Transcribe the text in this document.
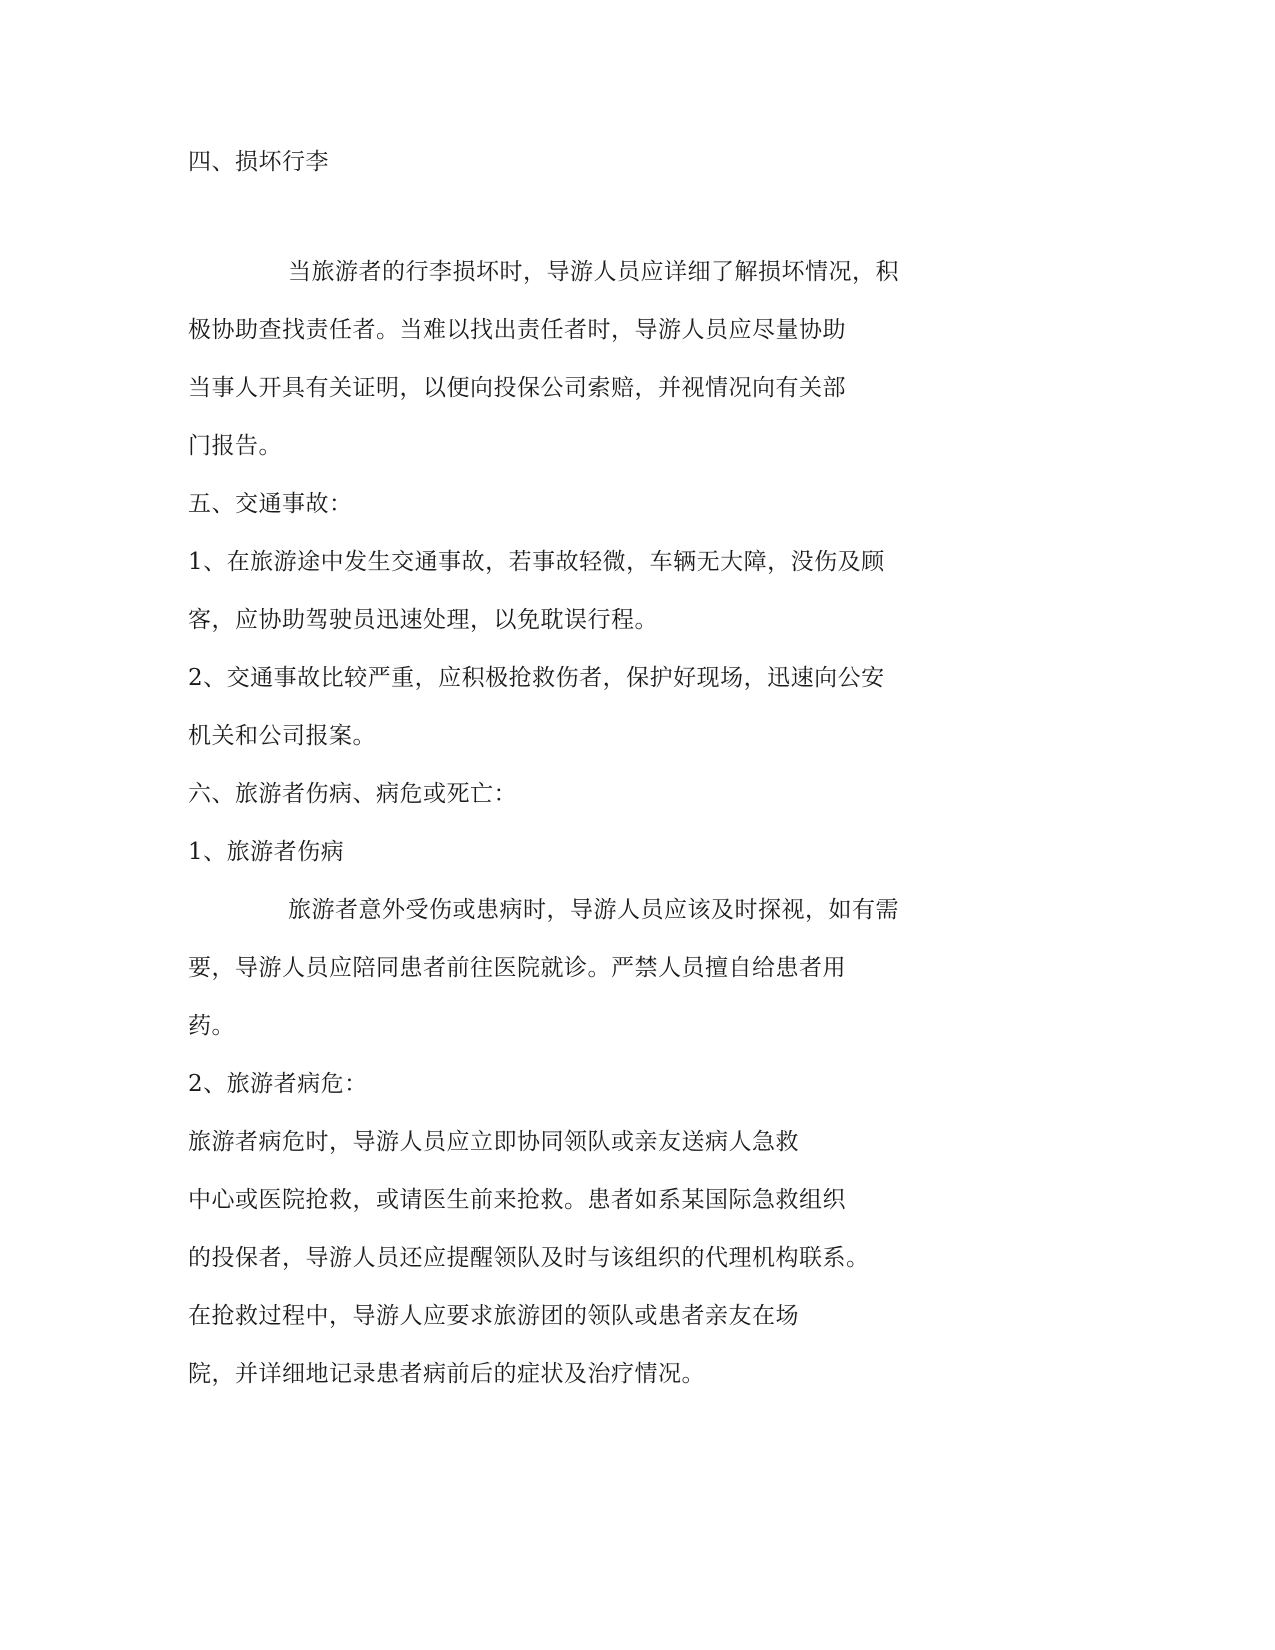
四、损坏行李
当旅游者的行李损坏时，导游人员应详细了解损坏情况，积
极协助查找责任者。当难以找出责任者时，导游人员应尽量协助
当事人开具有关证明，以便向投保公司索赔，并视情况向有关部
门报告。
五、交通事故：
1、在旅游途中发生交通事故，若事故轻微，车辆无大障，没伤及顾
客，应协助驾驶员迅速处理，以免耽误行程。
2、交通事故比较严重，应积极抢救伤者，保护好现场，迅速向公安
机关和公司报案。
六、旅游者伤病、病危或死亡：
1、旅游者伤病
旅游者意外受伤或患病时，导游人员应该及时探视，如有需
要，导游人员应陪同患者前往医院就诊。严禁人员擅自给患者用
药。
2、旅游者病危：
旅游者病危时，导游人员应立即协同领队或亲友送病人急救
中心或医院抢救，或请医生前来抢救。患者如系某国际急救组织
的投保者，导游人员还应提醒领队及时与该组织的代理机构联系。
在抢救过程中，导游人应要求旅游团的领队或患者亲友在场
院，并详细地记录患者病前后的症状及治疗情况。
